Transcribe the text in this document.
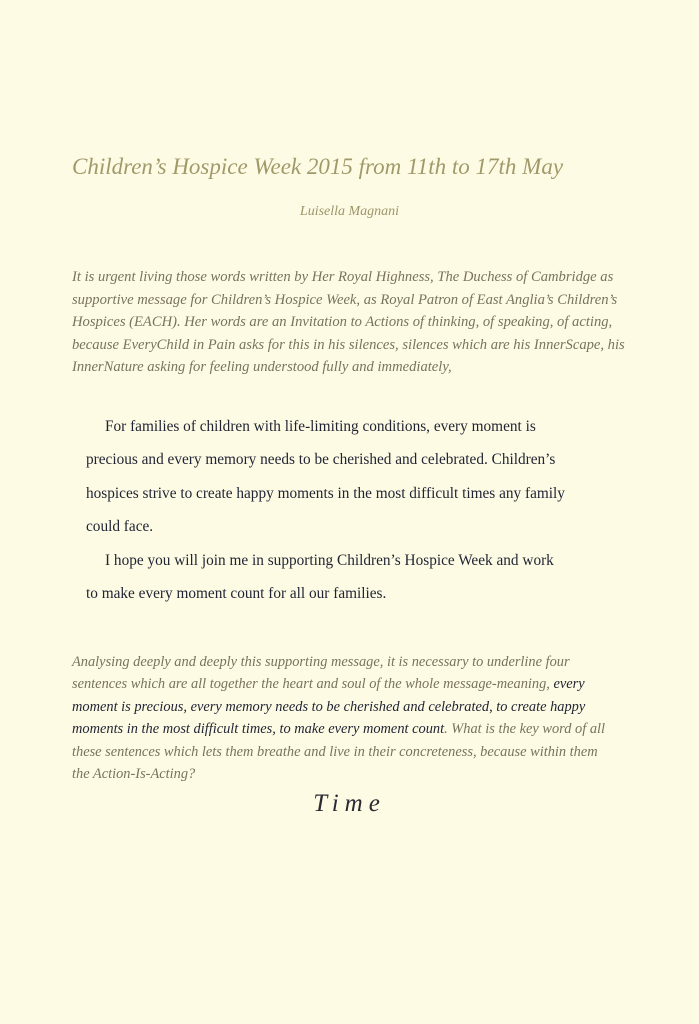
Children’s Hospice Week 2015 from 11th to 17th May
Luisella Magnani
It is urgent living those words written by Her Royal Highness, The Duchess of Cambridge as
supportive message for Children’s Hospice Week, as Royal Patron of East Anglia’s Children’s
Hospices (EACH). Her words are an Invitation to Actions of thinking, of speaking, of acting,
because EveryChild in Pain asks for this in his silences, silences which are his InnerScape, his
InnerNature asking for feeling understood fully and immediately,
For families of children with life-limiting conditions, every moment is
precious and every memory needs to be cherished and celebrated. Children’s
hospices strive to create happy moments in the most difficult times any family
could face.
I hope you will join me in supporting Children’s Hospice Week and work
to make every moment count for all our families.
Analysing deeply and deeply this supporting message, it is necessary to underline four
sentences which are all together the heart and soul of the whole message-meaning, every
moment is precious, every memory needs to be cherished and celebrated, to create happy
moments in the most difficult times, to make every moment count. What is the key word of all
these sentences which lets them breathe and live in their concreteness, because within them
the Action-Is-Acting?
Time
